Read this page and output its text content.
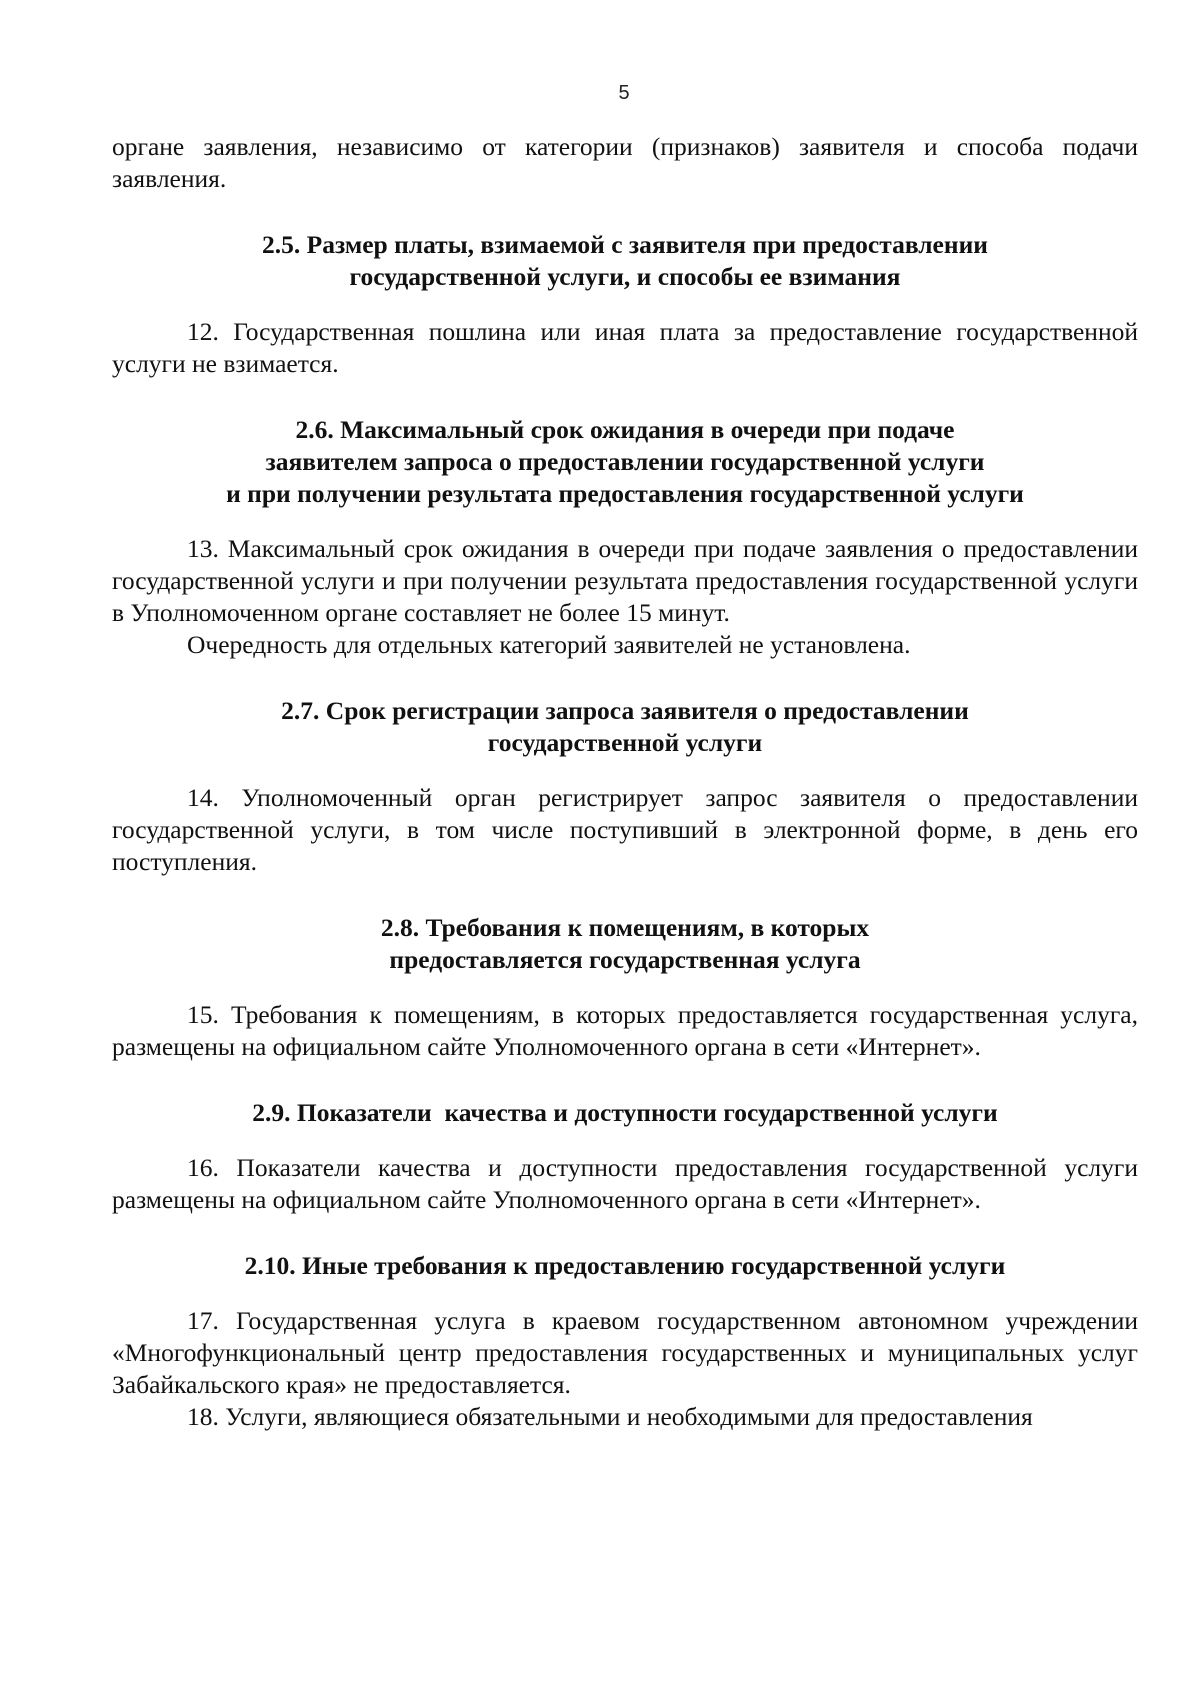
5

органе заявления, независимо от категории (признаков) заявителя и способа подачи заявления.

2.5. Размер платы, взимаемой с заявителя при предоставлении
государственной услуги, и способы ее взимания

12. Государственная пошлина или иная плата за предоставление государственной услуги не взимается.

2.6. Максимальный срок ожидания в очереди при подаче
заявителем запроса о предоставлении государственной услуги
и при получении результата предоставления государственной услуги

13. Максимальный срок ожидания в очереди при подаче заявления о предоставлении государственной услуги и при получении результата предоставления государственной услуги в Уполномоченном органе составляет не более 15 минут.

Очередность для отдельных категорий заявителей не установлена.

2.7. Срок регистрации запроса заявителя о предоставлении
государственной услуги

14. Уполномоченный орган регистрирует запрос заявителя о предоставлении государственной услуги, в том числе поступивший в электронной форме, в день его поступления.

2.8. Требования к помещениям, в которых
предоставляется государственная услуга

15. Требования к помещениям, в которых предоставляется государственная услуга, размещены на официальном сайте Уполномоченного органа в сети «Интернет».

2.9. Показатели  качества и доступности государственной услуги

16. Показатели качества и доступности предоставления государственной услуги размещены на официальном сайте Уполномоченного органа в сети «Интернет».

2.10. Иные требования к предоставлению государственной услуги

17. Государственная услуга в краевом государственном автономном учреждении «Многофункциональный центр предоставления государственных и муниципальных услуг Забайкальского края» не предоставляется.

18. Услуги, являющиеся обязательными и необходимыми для предоставления
